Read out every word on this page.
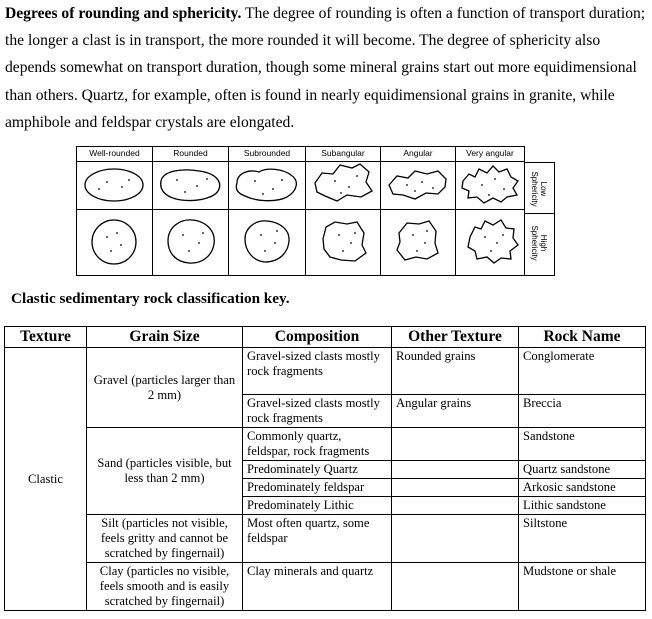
Degrees of rounding and sphericity. The degree of rounding is often a function of transport duration; the longer a clast is in transport, the more rounded it will become. The degree of sphericity also depends somewhat on transport duration, though some mineral grains start out more equidimensional than others. Quartz, for example, often is found in nearly equidimensional grains in granite, while amphibole and feldspar crystals are elongated.

Well-rounded	Rounded	Subrounded	Subangular	Angular	Very angular
Low
Sphericity
High
Sphericity
Clastic sedimentary rock classification key.
Texture	Grain Size	Composition	Other Texture	Rock Name
Clastic	Gravel (particles larger than 2 mm)	Gravel-sized clasts mostly rock fragments	Rounded grains	Conglomerate
		Gravel-sized clasts mostly rock fragments	Angular grains	Breccia
	Sand (particles visible, but less than 2 mm)	Commonly quartz, feldspar, rock fragments		Sandstone
		Predominately Quartz		Quartz sandstone
		Predominately feldspar		Arkosic sandstone
		Predominately Lithic		Lithic sandstone
	Silt (particles not visible, feels gritty and cannot be scratched by fingernail)	Most often quartz, some feldspar		Siltstone
	Clay (particles no visible, feels smooth and is easily scratched by fingernail)	Clay minerals and quartz		Mudstone or shale
